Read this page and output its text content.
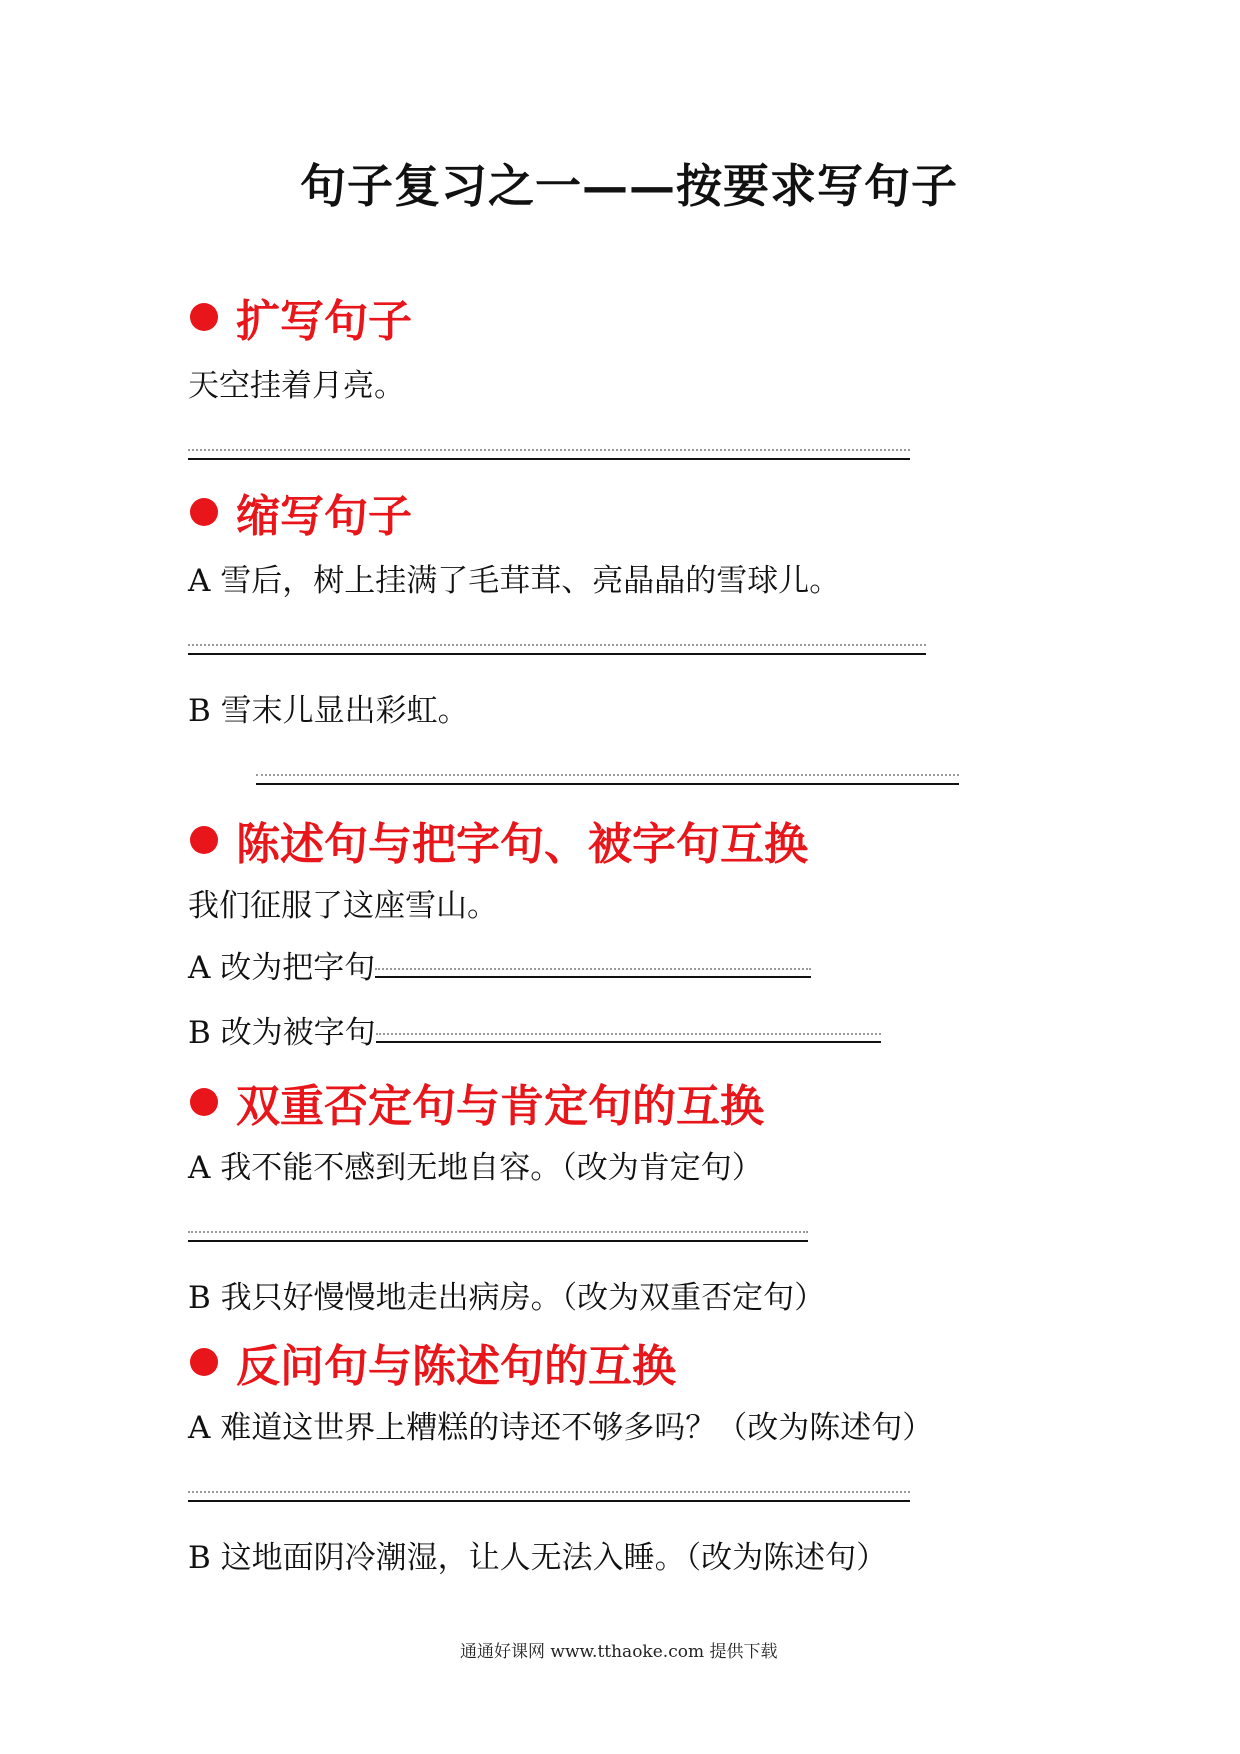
句子复习之一——按要求写句子
扩写句子
天空挂着月亮。
缩写句子
A 雪后，树上挂满了毛茸茸、亮晶晶的雪球儿。
B 雪末儿显出彩虹。
陈述句与把字句、被字句互换
我们征服了这座雪山。
A 改为把字句
B 改为被字句
双重否定句与肯定句的互换
A 我不能不感到无地自容。（改为肯定句）
B 我只好慢慢地走出病房。（改为双重否定句）
反问句与陈述句的互换
A 难道这世界上糟糕的诗还不够多吗？（改为陈述句）
B 这地面阴冷潮湿，让人无法入睡。（改为陈述句）
通通好课网 www.tthaoke.com 提供下载
